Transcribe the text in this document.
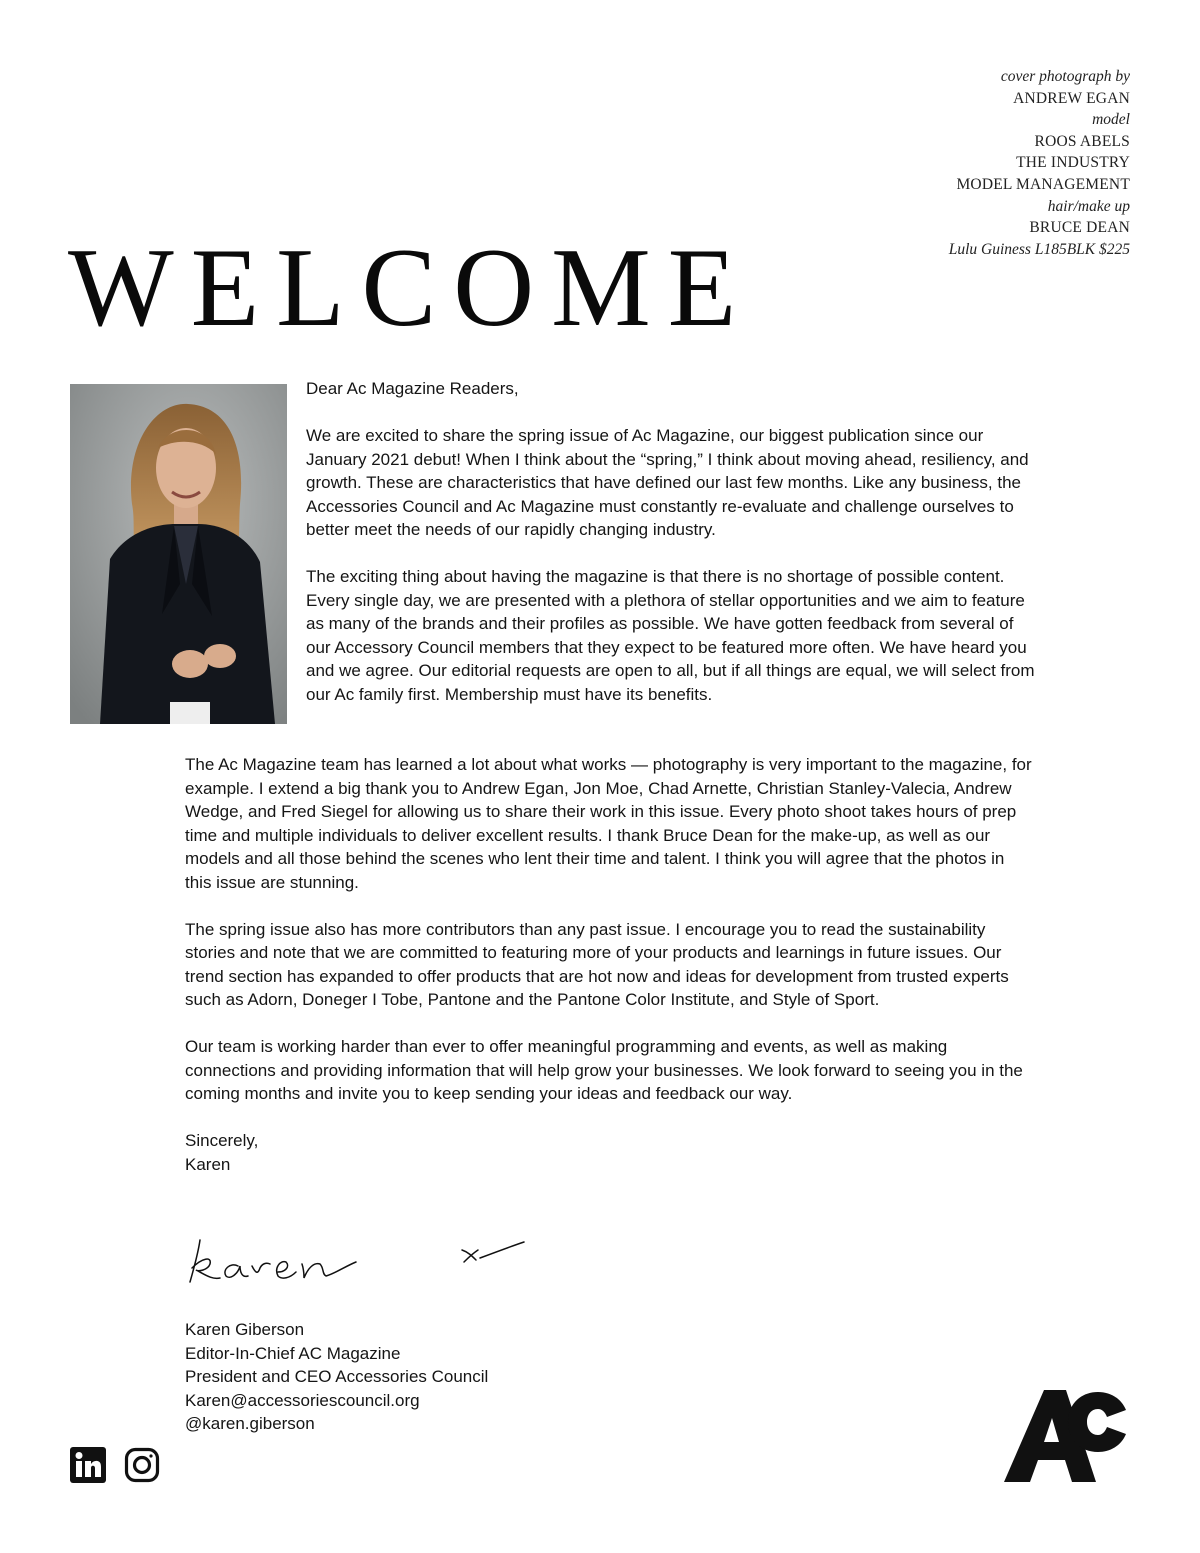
cover photograph by
ANDREW EGAN
model
ROOS ABELS
THE INDUSTRY
MODEL MANAGEMENT
hair/make up
BRUCE DEAN
Lulu Guiness L185BLK $225
WELCOME

Dear Ac Magazine Readers,

We are excited to share the spring issue of Ac Magazine, our biggest publication since our January 2021 debut! When I think about the “spring,” I think about moving ahead, resiliency, and growth. These are characteristics that have defined our last few months. Like any business, the Accessories Council and Ac Magazine must constantly re-evaluate and challenge ourselves to better meet the needs of our rapidly changing industry.

The exciting thing about having the magazine is that there is no shortage of possible content. Every single day, we are presented with a plethora of stellar opportunities and we aim to feature as many of the brands and their profiles as possible. We have gotten feedback from several of our Accessory Council members that they expect to be featured more often. We have heard you and we agree. Our editorial requests are open to all, but if all things are equal, we will select from our Ac family first. Membership must have its benefits.

The Ac Magazine team has learned a lot about what works — photography is very important to the magazine, for example. I extend a big thank you to Andrew Egan, Jon Moe, Chad Arnette, Christian Stanley-Valecia, Andrew Wedge, and Fred Siegel for allowing us to share their work in this issue. Every photo shoot takes hours of prep time and multiple individuals to deliver excellent results. I thank Bruce Dean for the make-up, as well as our models and all those behind the scenes who lent their time and talent. I think you will agree that the photos in this issue are stunning.

The spring issue also has more contributors than any past issue. I encourage you to read the sustainability stories and note that we are committed to featuring more of your products and learnings in future issues. Our trend section has expanded to offer products that are hot now and ideas for development from trusted experts such as Adorn, Doneger I Tobe, Pantone and the Pantone Color Institute, and Style of Sport.

Our team is working harder than ever to offer meaningful programming and events, as well as making connections and providing information that will help grow your businesses. We look forward to seeing you in the coming months and invite you to keep sending your ideas and feedback our way.

Sincerely,

Karen

Karen Giberson
Editor-In-Chief AC Magazine
President and CEO Accessories Council
Karen@accessoriescouncil.org
@karen.giberson
